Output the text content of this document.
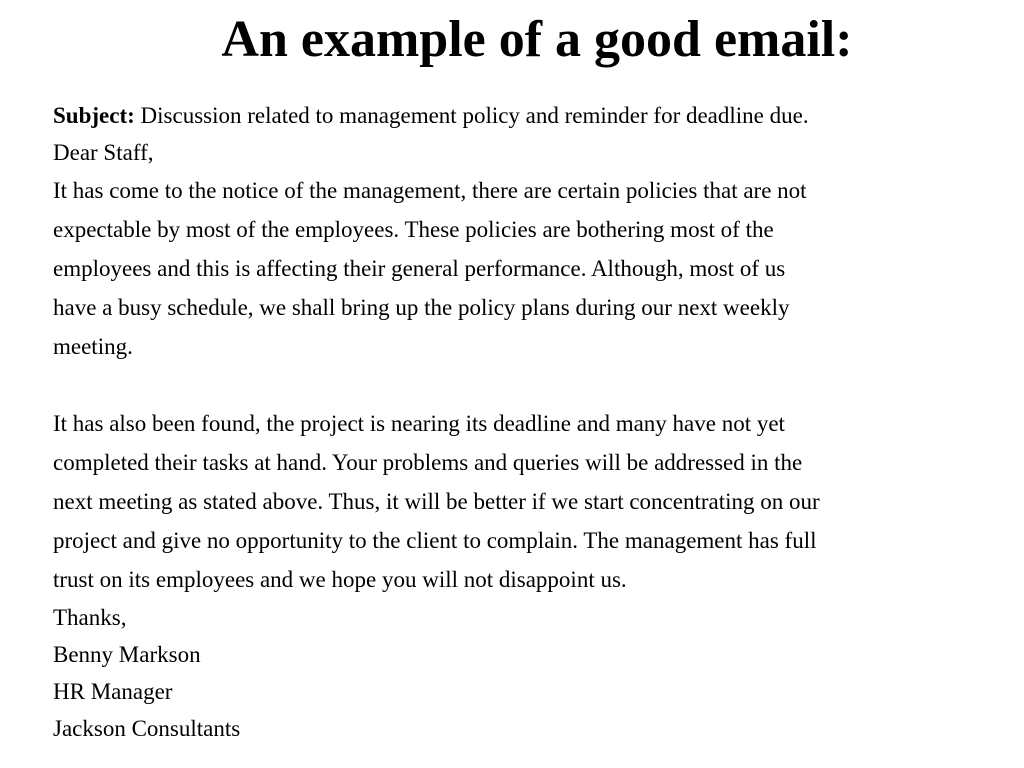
An example of a good email:
Subject: Discussion related to management policy and reminder for deadline due.
Dear Staff,
It has come to the notice of the management, there are certain policies that are not
expectable by most of the employees. These policies are bothering most of the
employees and this is affecting their general performance. Although, most of us
have a busy schedule, we shall bring up the policy plans during our next weekly
meeting.
It has also been found, the project is nearing its deadline and many have not yet
completed their tasks at hand. Your problems and queries will be addressed in the
next meeting as stated above. Thus, it will be better if we start concentrating on our
project and give no opportunity to the client to complain. The management has full
trust on its employees and we hope you will not disappoint us.
Thanks,
Benny Markson
HR Manager
Jackson Consultants
